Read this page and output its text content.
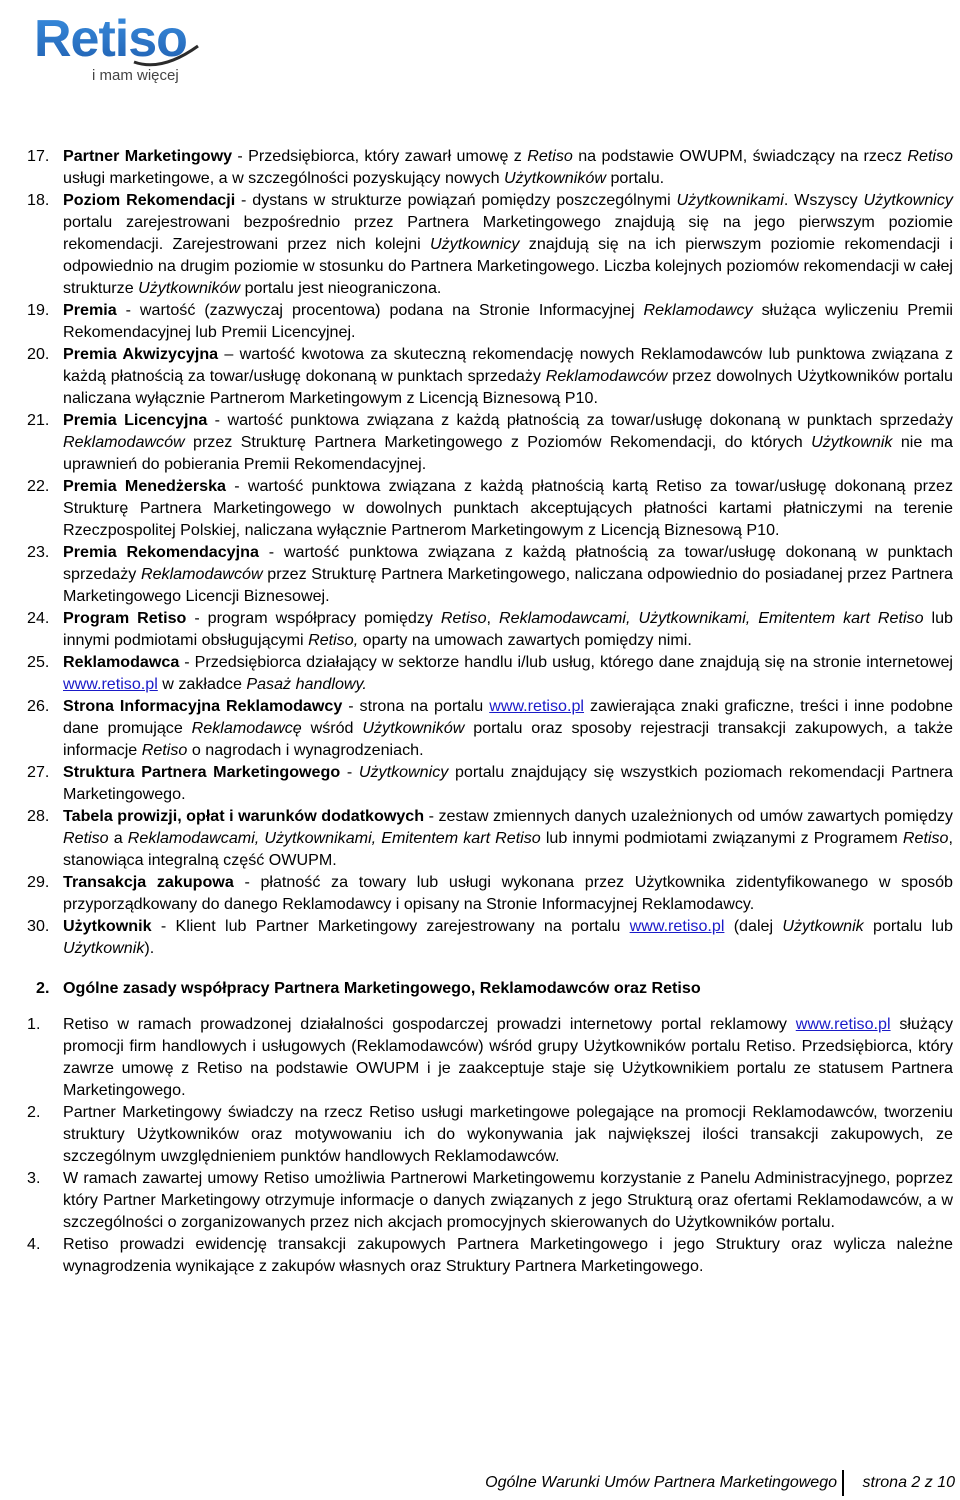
Retiso
i mam więcej
17. Partner Marketingowy - Przedsiębiorca, który zawarł umowę z Retiso na podstawie OWUPM, świadczący na rzecz Retiso usługi marketingowe, a w szczególności pozyskujący nowych Użytkowników portalu.
18. Poziom Rekomendacji - dystans w strukturze powiązań pomiędzy poszczególnymi Użytkownikami. Wszyscy Użytkownicy portalu zarejestrowani bezpośrednio przez Partnera Marketingowego znajdują się na jego pierwszym poziomie rekomendacji. Zarejestrowani przez nich kolejni Użytkownicy znajdują się na ich pierwszym poziomie rekomendacji i odpowiednio na drugim poziomie w stosunku do Partnera Marketingowego. Liczba kolejnych poziomów rekomendacji w całej strukturze Użytkowników portalu jest nieograniczona.
19. Premia - wartość (zazwyczaj procentowa) podana na Stronie Informacyjnej Reklamodawcy służąca wyliczeniu Premii Rekomendacyjnej lub Premii Licencyjnej.
20. Premia Akwizycyjna – wartość kwotowa za skuteczną rekomendację nowych Reklamodawców lub punktowa związana z każdą płatnością za towar/usługę dokonaną w punktach sprzedaży Reklamodawców przez dowolnych Użytkowników portalu naliczana wyłącznie Partnerom Marketingowym z Licencją Biznesową P10.
21. Premia Licencyjna - wartość punktowa związana z każdą płatnością za towar/usługę dokonaną w punktach sprzedaży Reklamodawców przez Strukturę Partnera Marketingowego z Poziomów Rekomendacji, do których Użytkownik nie ma uprawnień do pobierania Premii Rekomendacyjnej.
22. Premia Menedżerska - wartość punktowa związana z każdą płatnością kartą Retiso za towar/usługę dokonaną przez Strukturę Partnera Marketingowego w dowolnych punktach akceptujących płatności kartami płatniczymi na terenie Rzeczpospolitej Polskiej, naliczana wyłącznie Partnerom Marketingowym z Licencją Biznesową P10.
23. Premia Rekomendacyjna - wartość punktowa związana z każdą płatnością za towar/usługę dokonaną w punktach sprzedaży Reklamodawców przez Strukturę Partnera Marketingowego, naliczana odpowiednio do posiadanej przez Partnera Marketingowego Licencji Biznesowej.
24. Program Retiso - program współpracy pomiędzy Retiso, Reklamodawcami, Użytkownikami, Emitentem kart Retiso lub innymi podmiotami obsługującymi Retiso, oparty na umowach zawartych pomiędzy nimi.
25. Reklamodawca - Przedsiębiorca działający w sektorze handlu i/lub usług, którego dane znajdują się na stronie internetowej www.retiso.pl w zakładce Pasaż handlowy.
26. Strona Informacyjna Reklamodawcy - strona na portalu www.retiso.pl zawierająca znaki graficzne, treści i inne podobne dane promujące Reklamodawcę wśród Użytkowników portalu oraz sposoby rejestracji transakcji zakupowych, a także informacje Retiso o nagrodach i wynagrodzeniach.
27. Struktura Partnera Marketingowego - Użytkownicy portalu znajdujący się wszystkich poziomach rekomendacji Partnera Marketingowego.
28. Tabela prowizji, opłat i warunków dodatkowych - zestaw zmiennych danych uzależnionych od umów zawartych pomiędzy Retiso a Reklamodawcami, Użytkownikami, Emitentem kart Retiso lub innymi podmiotami związanymi z Programem Retiso, stanowiąca integralną część OWUPM.
29. Transakcja zakupowa - płatność za towary lub usługi wykonana przez Użytkownika zidentyfikowanego w sposób przyporządkowany do danego Reklamodawcy i opisany na Stronie Informacyjnej Reklamodawcy.
30. Użytkownik - Klient lub Partner Marketingowy zarejestrowany na portalu www.retiso.pl (dalej Użytkownik portalu lub Użytkownik).
2. Ogólne zasady współpracy Partnera Marketingowego, Reklamodawców oraz Retiso
1.	Retiso w ramach prowadzonej działalności gospodarczej prowadzi internetowy portal reklamowy www.retiso.pl służący promocji firm handlowych i usługowych (Reklamodawców) wśród grupy Użytkowników portalu Retiso. Przedsiębiorca, który zawrze umowę z Retiso na podstawie OWUPM i je zaakceptuje staje się Użytkownikiem portalu ze statusem Partnera Marketingowego.
2.	Partner Marketingowy świadczy na rzecz Retiso usługi marketingowe polegające na promocji Reklamodawców, tworzeniu struktury Użytkowników oraz motywowaniu ich do wykonywania jak największej ilości transakcji zakupowych, ze szczególnym uwzględnieniem punktów handlowych Reklamodawców.
3.	W ramach zawartej umowy Retiso umożliwia Partnerowi Marketingowemu korzystanie z Panelu Administracyjnego, poprzez który Partner Marketingowy otrzymuje informacje o danych związanych z jego Strukturą oraz ofertami Reklamodawców, a w szczególności o zorganizowanych przez nich akcjach promocyjnych skierowanych do Użytkowników portalu.
4.	Retiso prowadzi ewidencję transakcji zakupowych Partnera Marketingowego i jego Struktury oraz wylicza należne wynagrodzenia wynikające z zakupów własnych oraz Struktury Partnera Marketingowego.
Ogólne Warunki Umów Partnera Marketingowego strona 2 z 10
